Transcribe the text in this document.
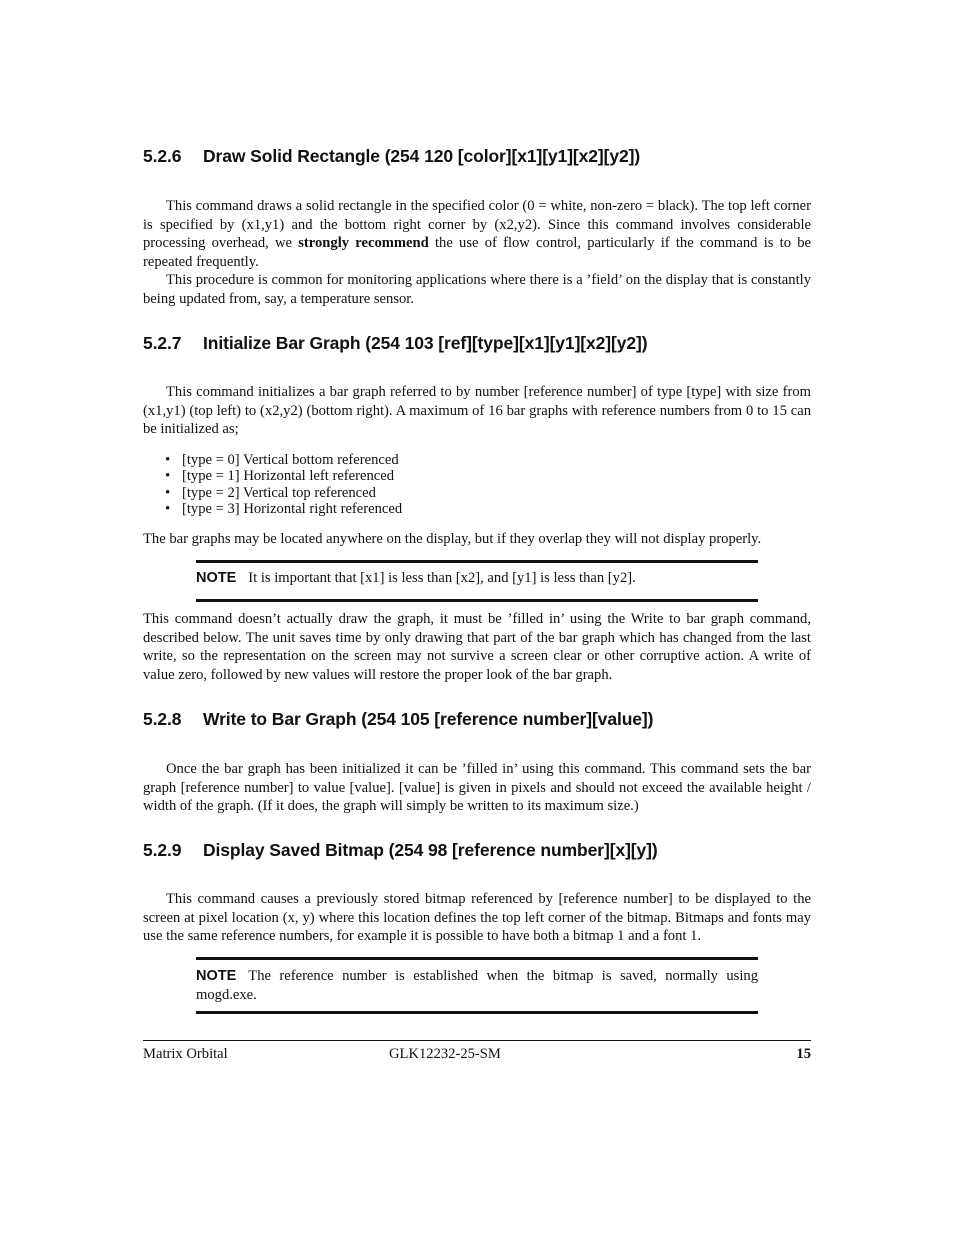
5.2.6 Draw Solid Rectangle (254 120 [color][x1][y1][x2][y2])

This command draws a solid rectangle in the specified color (0 = white, non-zero = black). The top left corner is specified by (x1,y1) and the bottom right corner by (x2,y2). Since this command involves considerable processing overhead, we strongly recommend the use of flow control, particularly if the command is to be repeated frequently.

This procedure is common for monitoring applications where there is a ’field’ on the display that is constantly being updated from, say, a temperature sensor.

5.2.7 Initialize Bar Graph (254 103 [ref][type][x1][y1][x2][y2])

This command initializes a bar graph referred to by number [reference number] of type [type] with size from (x1,y1) (top left) to (x2,y2) (bottom right). A maximum of 16 bar graphs with reference numbers from 0 to 15 can be initialized as;

• [type = 0] Vertical bottom referenced
• [type = 1] Horizontal left referenced
• [type = 2] Vertical top referenced
• [type = 3] Horizontal right referenced

The bar graphs may be located anywhere on the display, but if they overlap they will not display properly.

NOTE It is important that [x1] is less than [x2], and [y1] is less than [y2].

This command doesn’t actually draw the graph, it must be ’filled in’ using the Write to bar graph command, described below. The unit saves time by only drawing that part of the bar graph which has changed from the last write, so the representation on the screen may not survive a screen clear or other corruptive action. A write of value zero, followed by new values will restore the proper look of the bar graph.

5.2.8 Write to Bar Graph (254 105 [reference number][value])

Once the bar graph has been initialized it can be ’filled in’ using this command. This command sets the bar graph [reference number] to value [value]. [value] is given in pixels and should not exceed the available height / width of the graph. (If it does, the graph will simply be written to its maximum size.)

5.2.9 Display Saved Bitmap (254 98 [reference number][x][y])

This command causes a previously stored bitmap referenced by [reference number] to be displayed to the screen at pixel location (x, y) where this location defines the top left corner of the bitmap. Bitmaps and fonts may use the same reference numbers, for example it is possible to have both a bitmap 1 and a font 1.

NOTE The reference number is established when the bitmap is saved, normally using mogd.exe.
Matrix Orbital	GLK12232-25-SM	15
